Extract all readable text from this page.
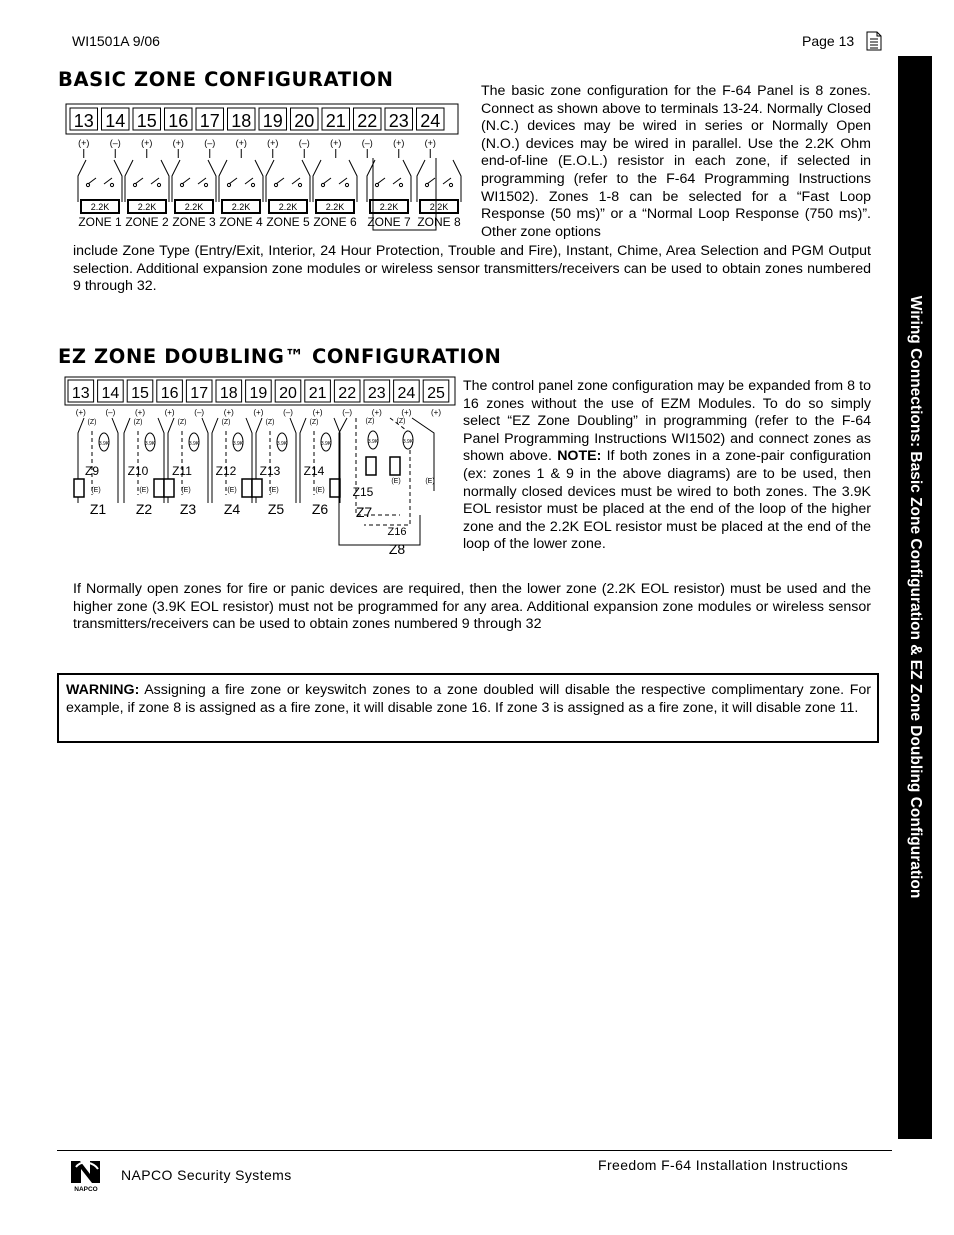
WI1501A 9/06	Page 13
Wiring Connections: Basic Zone Configuration & EZ Zone Doubling Configuration
BASIC ZONE CONFIGURATION
13
(+)
14
(–)
15
(+)
16
(+)
17
(–)
18
(+)
19
(+)
20
(–)
21
(+)
22
(–)
23
(+)
24
(+)
2.2K
ZONE 1
2.2K
ZONE 2
2.2K
ZONE 3
2.2K
ZONE 4
2.2K
ZONE 5
2.2K
ZONE 6
2.2K
ZONE 7
2.2K
ZONE 8

The basic zone configuration for the F-64 Panel is 8 zones. Connect as shown above to terminals 13-24. Normally Closed (N.C.) devices may be wired in series or Normally Open (N.O.) devices may be wired in parallel. Use the 2.2K Ohm end-of-line (E.O.L.) resistor in each zone, if selected in programming (refer to the F-64 Programming Instructions WI1502). Zones 1-8 can be selected for a “Fast Loop Response (50 ms)” or a “Normal Loop Response (750 ms)”. Other zone options

include Zone Type (Entry/Exit, Interior, 24 Hour Protection, Trouble and Fire), Instant, Chime, Area Selection and PGM Output selection. Additional expansion zone modules or wireless sensor transmitters/receivers can be used to obtain zones numbered 9 through 32.

EZ ZONE DOUBLING™ CONFIGURATION
13
(+)
14
(–)
15
(+)
16
(+)
17
(–)
18
(+)
19
(+)
20
(–)
21
(+)
22
(–)
23
(+)
24
(+)
25
(+)
(Z)
3.9K
Z9
(E)
Z1
(Z)
3.9K
Z10
(E)
Z2
(Z)
3.9K
Z11
(E)
Z3
(Z)
3.9K
Z12
(E)
Z4
(Z)
3.9K
Z13
(E)
Z5
(Z)
3.9K
Z14
(E)
Z6
3.9K	3.9K
(Z)	(Z)
(E)	(E)
Z15
Z7
Z16
Z8

The control panel zone configuration may be expanded from 8 to 16 zones without the use of EZM Modules. To do so simply select “EZ Zone Doubling” in programming (refer to the F-64 Panel Programming Instructions WI1502) and connect zones as shown above. NOTE: If both zones in a zone-pair configuration (ex: zones 1 & 9 in the above diagrams) are to be used, then normally closed devices must be wired to both zones. The 3.9K EOL resistor must be placed at the end of the loop of the higher zone and the 2.2K EOL resistor must be placed at the end of the loop of the lower zone.

If Normally open zones for fire or panic devices are required, then the lower zone (2.2K EOL resistor) must be used and the higher zone (3.9K EOL resistor) must not be programmed for any area. Additional expansion zone modules or wireless sensor transmitters/receivers can be used to obtain zones numbered 9 through 32

WARNING: Assigning a fire zone or keyswitch zones to a zone doubled will disable the respective complimentary zone. For example, if zone 8 is assigned as a fire zone, it will disable zone 16. If zone 3 is assigned as a fire zone, it will disable zone 11.

NAPCO
NAPCO Security Systems
Freedom F-64 Installation Instructions
